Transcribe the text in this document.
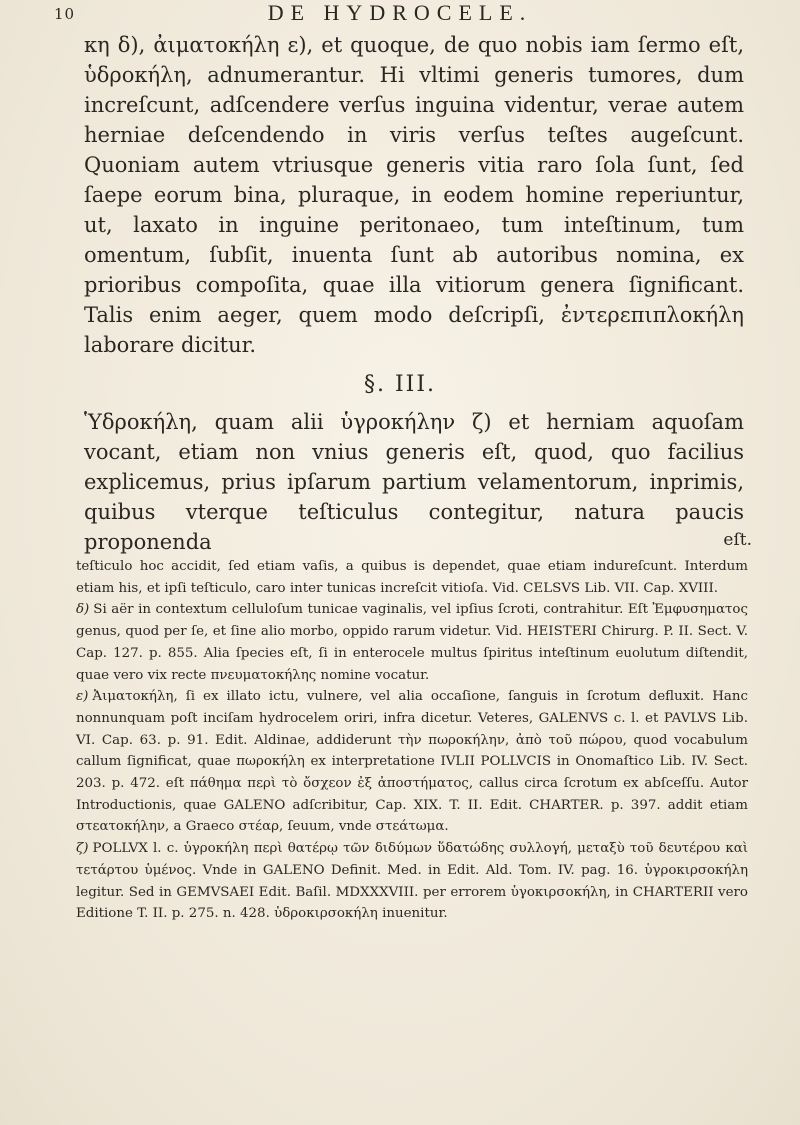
10	DE HYDROCELE.

κη δ), ἀιματοκήλη ε), et quoque, de quo nobis iam ſermo eſt, ὑδροκήλη, adnumerantur. Hi vltimi generis tumores, dum increſcunt, adſcendere verſus inguina videntur, verae autem herniae deſcendendo in viris verſus teſtes augeſcunt. Quoniam autem vtriusque generis vitia raro ſola ſunt, ſed ſaepe eorum bina, pluraque, in eodem homine reperiuntur, ut, laxato in inguine peritonaeo, tum inteſtinum, tum omentum, ſubſit, inuenta ſunt ab autoribus nomina, ex prioribus compoſita, quae illa vitiorum genera ſignificant. Talis enim aeger, quem modo deſcripſi, ἐντερεπιπλοκήλη laborare dicitur.

§. III.

Ὑδροκήλη, quam alii ὑγροκήλην ζ) et herniam aquoſam vocant, etiam non vnius generis eſt, quod, quo facilius explicemus, prius ipſarum partium velamentorum, inprimis, quibus vterque teſticulus contegitur, natura paucis proponenda	eſt.

teſticulo hoc accidit, ſed etiam vaſis, a quibus is dependet, quae etiam indureſcunt. Interdum etiam his, et ipſi teſticulo, caro inter tunicas increſcit vitioſa. Vid. CELSVS Lib. VII. Cap. XVIII.

δ) Si aër in contextum celluloſum tunicae vaginalis, vel ipſius ſcroti, contrahitur. Eſt Ἐμφυσηματος genus, quod per ſe, et ſine alio morbo, oppido rarum videtur. Vid. HEISTERI Chirurg. P. II. Sect. V. Cap. 127. p. 855. Alia ſpecies eſt, ſi in enterocele multus ſpiritus inteſtinum euolutum diſtendit, quae vero vix recte πνευματοκήλης nomine vocatur.

ε) Ἀιματοκήλη, ſi ex illato ictu, vulnere, vel alia occaſione, ſanguis in ſcrotum defluxit. Hanc nonnunquam poſt inciſam hydrocelem oriri, infra dicetur. Veteres, GALENVS c. l. et PAVLVS Lib. VI. Cap. 63. p. 91. Edit. Aldinae, addiderunt τὴν πωροκήλην, ἀπὸ τοῦ πώρου, quod vocabulum callum ſignificat, quae πωροκήλη ex interpretatione IVLII POLLVCIS in Onomaſtico Lib. IV. Sect. 203. p. 472. eſt πάθημα περὶ τὸ ὄσχεον ἐξ ἀποστήματος, callus circa ſcrotum ex abſceſſu. Autor Introductionis, quae GALENO adſcribitur, Cap. XIX. T. II. Edit. CHARTER. p. 397. addit etiam στεατοκήλην, a Graeco στέαρ, ſeuum, vnde στεάτωμα.

ζ) POLLVX l. c. ὑγροκήλη περὶ θατέρῳ τῶν διδύμων ὕδατώδης συλλογή, μεταξὺ τοῦ δευτέρου καὶ τετάρτου ὑμένος. Vnde in GALENO Definit. Med. in Edit. Ald. Tom. IV. pag. 16. ὑγροκιρσοκήλη legitur. Sed in GEMVSAEI Edit. Baſil. MDXXXVIII. per errorem ὑγοκιρσοκήλη, in CHARTERII vero Editione T. II. p. 275. n. 428. ὑδροκιρσοκήλη inuenitur.
